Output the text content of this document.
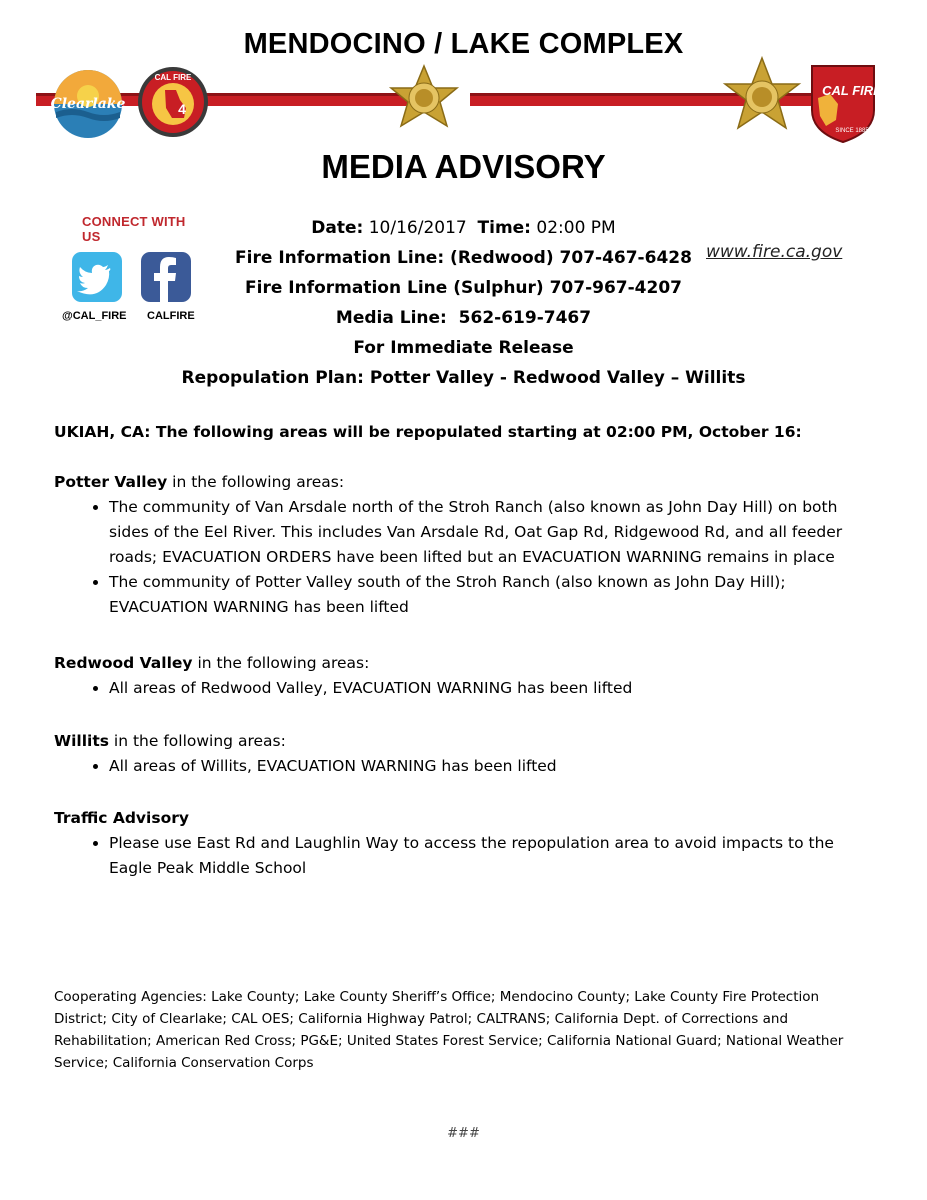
MENDOCINO / LAKE COMPLEX
Clearlake
CAL FIRE
4
CAL FIRE
SINCE 1885
MEDIA ADVISORY
CONNECT WITH US
@CAL_FIRE CALFIRE
Date: 10/16/2017 Time: 02:00 PM
Fire Information Line: (Redwood) 707-467-6428
Fire Information Line (Sulphur) 707-967-4207
Media Line:  562-619-7467
For Immediate Release
Repopulation Plan: Potter Valley - Redwood Valley – Willits
www.fire.ca.gov

UKIAH, CA: The following areas will be repopulated starting at 02:00 PM, October 16:

Potter Valley in the following areas:

• The community of Van Arsdale north of the Stroh Ranch (also known as John Day Hill) on both sides of the Eel River. This includes Van Arsdale Rd, Oat Gap Rd, Ridgewood Rd, and all feeder roads; EVACUATION ORDERS have been lifted but an EVACUATION WARNING remains in place
• The community of Potter Valley south of the Stroh Ranch (also known as John Day Hill); EVACUATION WARNING has been lifted

Redwood Valley in the following areas:

• All areas of Redwood Valley, EVACUATION WARNING has been lifted

Willits in the following areas:

• All areas of Willits, EVACUATION WARNING has been lifted

Traffic Advisory

• Please use East Rd and Laughlin Way to access the repopulation area to avoid impacts to the Eagle Peak Middle School
Cooperating Agencies: Lake County; Lake County Sheriff’s Office; Mendocino County; Lake County Fire Protection District; City of Clearlake; CAL OES; California Highway Patrol; CALTRANS; California Dept. of Corrections and Rehabilitation; American Red Cross; PG&E; United States Forest Service; California National Guard; National Weather Service; California Conservation Corps
###
